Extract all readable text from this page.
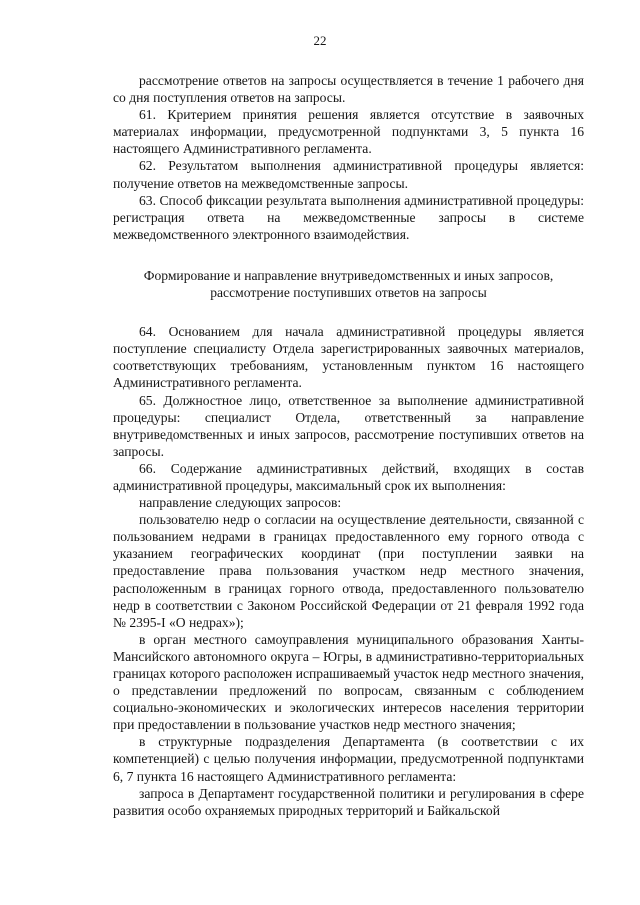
22

рассмотрение ответов на запросы осуществляется в течение 1 рабочего дня со дня поступления ответов на запросы.

61. Критерием принятия решения является отсутствие в заявочных материалах информации, предусмотренной подпунктами 3, 5 пункта 16 настоящего Административного регламента.

62. Результатом выполнения административной процедуры является: получение ответов на межведомственные запросы.

63. Способ фиксации результата выполнения административной процедуры: регистрация ответа на межведомственные запросы в системе межведомственного электронного взаимодействия.

Формирование и направление внутриведомственных и иных запросов,
рассмотрение поступивших ответов на запросы

64. Основанием для начала административной процедуры является поступление специалисту Отдела зарегистрированных заявочных материалов, соответствующих требованиям, установленным пунктом 16 настоящего Административного регламента.

65. Должностное лицо, ответственное за выполнение административной процедуры: специалист Отдела, ответственный за направление внутриведомственных и иных запросов, рассмотрение поступивших ответов на запросы.

66. Содержание административных действий, входящих в состав административной процедуры, максимальный срок их выполнения:

направление следующих запросов:

пользователю недр о согласии на осуществление деятельности, связанной с пользованием недрами в границах предоставленного ему горного отвода с указанием географических координат (при поступлении заявки на предоставление права пользования участком недр местного значения, расположенным в границах горного отвода, предоставленного пользователю недр в соответствии с Законом Российской Федерации от 21 февраля 1992 года № 2395-I «О недрах»);

в орган местного самоуправления муниципального образования Ханты-Мансийского автономного округа – Югры, в административно-территориальных границах которого расположен испрашиваемый участок недр местного значения, о представлении предложений по вопросам, связанным с соблюдением социально-экономических и экологических интересов населения территории при предоставлении в пользование участков недр местного значения;

в структурные подразделения Департамента (в соответствии с их компетенцией) с целью получения информации, предусмотренной подпунктами 6, 7 пункта 16 настоящего Административного регламента:

запроса в Департамент государственной политики и регулирования в сфере развития особо охраняемых природных территорий и Байкальской
